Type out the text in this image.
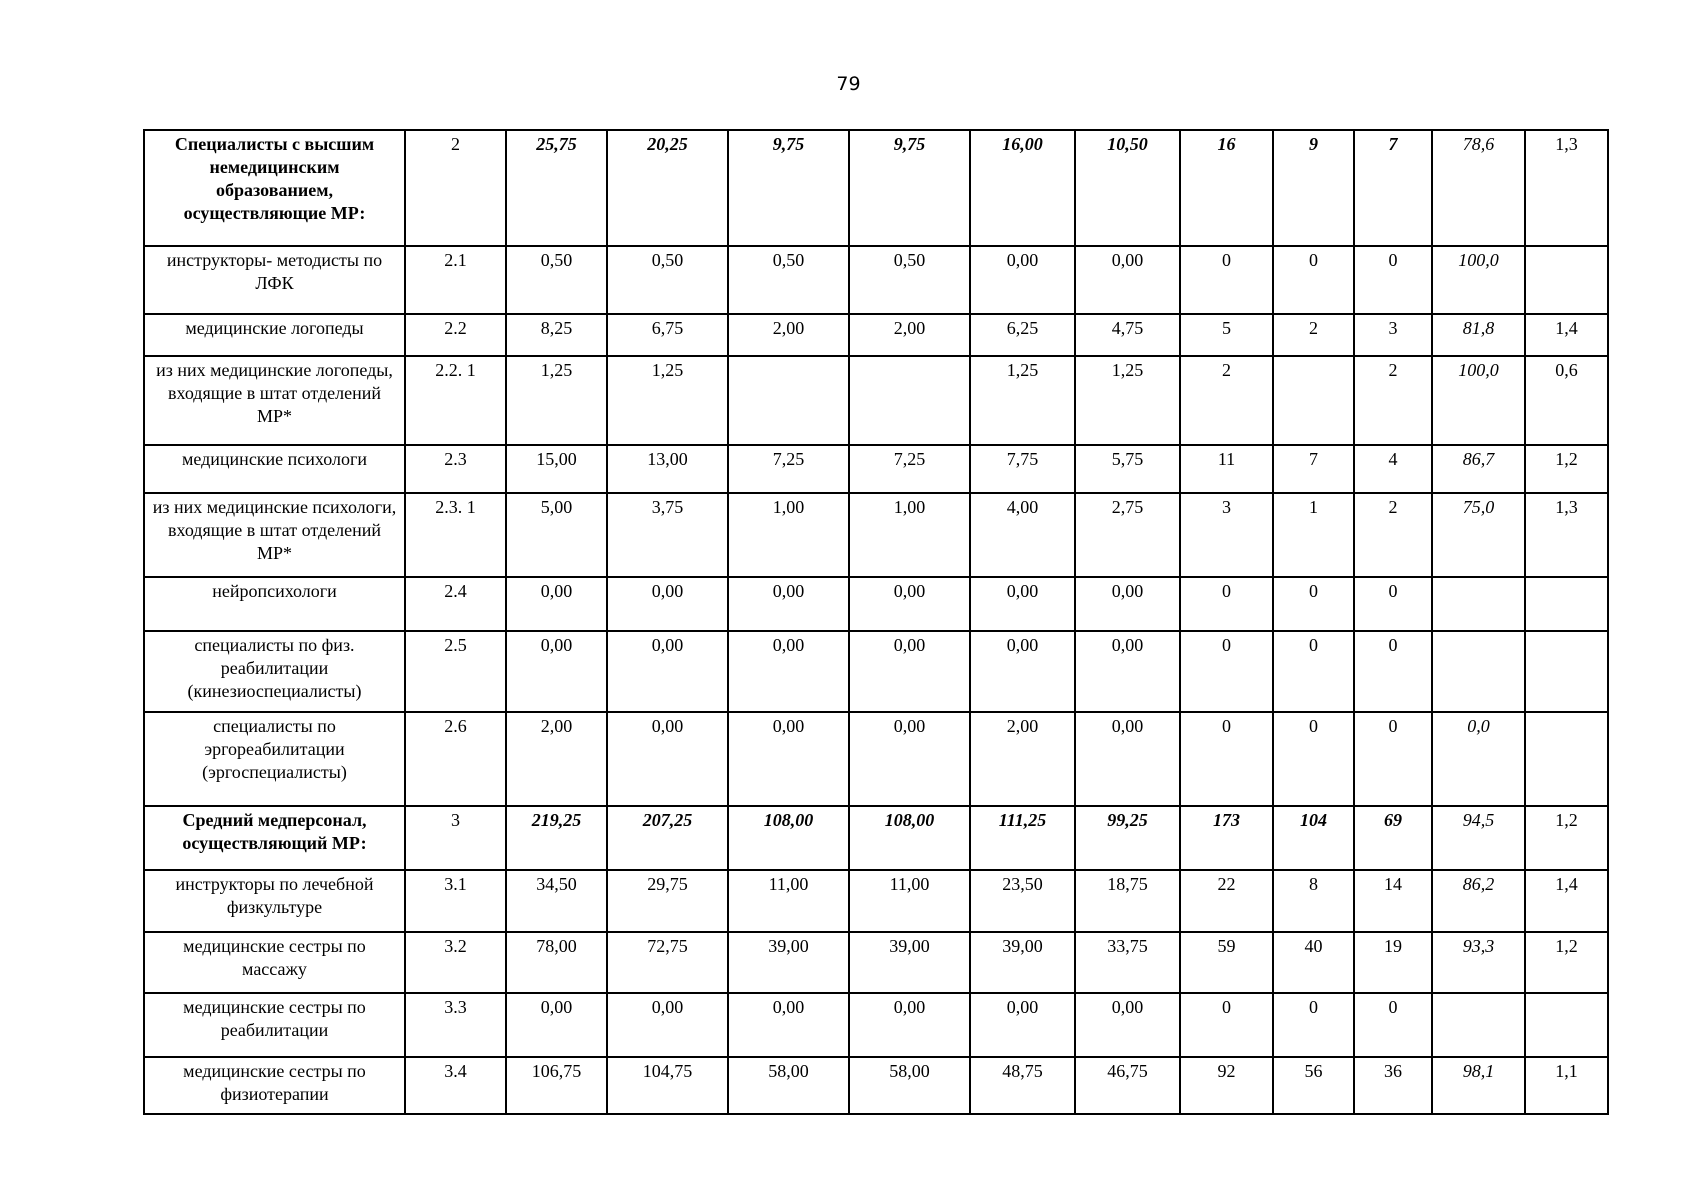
79
Специалисты с высшим немедицинским образованием, осуществляющие МР:	2	25,75	20,25	9,75	9,75	16,00	10,50	16	9	7	78,6	1,3
инструкторы- методисты по ЛФК	2.1	0,50	0,50	0,50	0,50	0,00	0,00	0	0	0	100,0	
медицинские логопеды	2.2	8,25	6,75	2,00	2,00	6,25	4,75	5	2	3	81,8	1,4
из них медицинские логопеды, входящие в штат отделений МР*	2.2. 1	1,25	1,25			1,25	1,25	2		2	100,0	0,6
медицинские психологи	2.3	15,00	13,00	7,25	7,25	7,75	5,75	11	7	4	86,7	1,2
из них медицинские психологи, входящие в штат отделений МР*	2.3. 1	5,00	3,75	1,00	1,00	4,00	2,75	3	1	2	75,0	1,3
нейропсихологи	2.4	0,00	0,00	0,00	0,00	0,00	0,00	0	0	0		
специалисты по физ. реабилитации (кинезиоспециалисты)	2.5	0,00	0,00	0,00	0,00	0,00	0,00	0	0	0		
специалисты по эргореабилитации (эргоспециалисты)	2.6	2,00	0,00	0,00	0,00	2,00	0,00	0	0	0	0,0	
Средний медперсонал, осуществляющий МР:	3	219,25	207,25	108,00	108,00	111,25	99,25	173	104	69	94,5	1,2
инструкторы по лечебной физкультуре	3.1	34,50	29,75	11,00	11,00	23,50	18,75	22	8	14	86,2	1,4
медицинские сестры по массажу	3.2	78,00	72,75	39,00	39,00	39,00	33,75	59	40	19	93,3	1,2
медицинские сестры по реабилитации	3.3	0,00	0,00	0,00	0,00	0,00	0,00	0	0	0		
медицинские сестры по физиотерапии	3.4	106,75	104,75	58,00	58,00	48,75	46,75	92	56	36	98,1	1,1
